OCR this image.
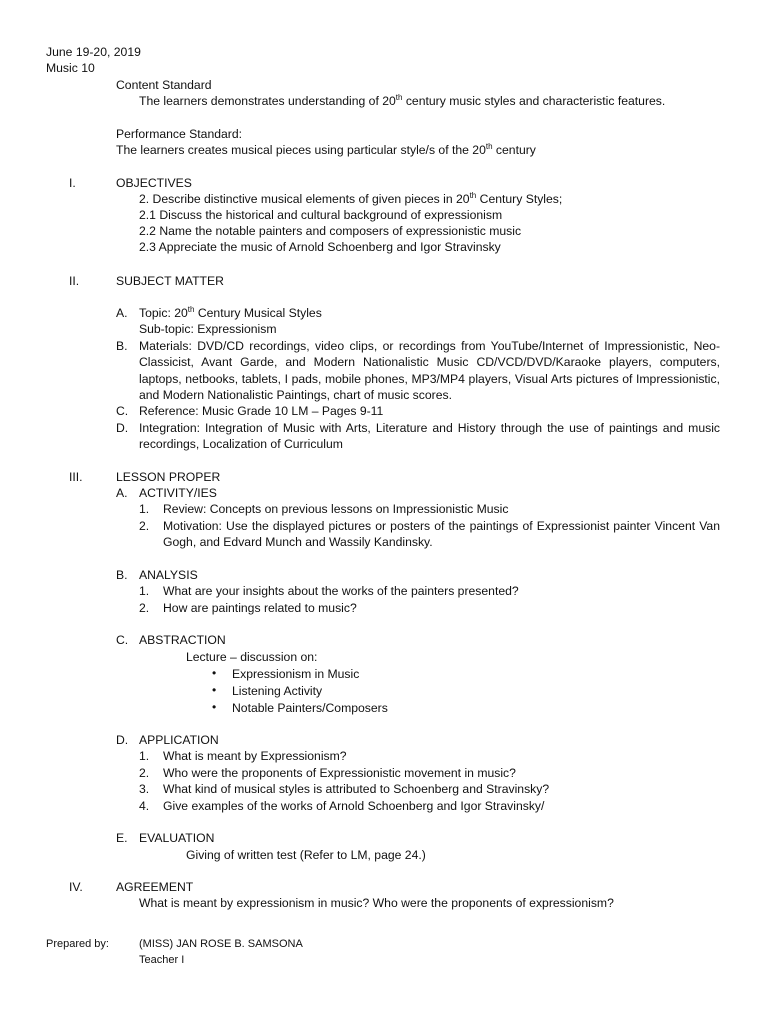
June 19-20, 2019
Music 10
Content Standard
The learners demonstrates understanding of 20th century music styles and characteristic features.
Performance Standard:
The learners creates musical pieces using particular style/s of the 20th century
I.	OBJECTIVES
2. Describe distinctive musical elements of given pieces in 20th Century Styles;
2.1 Discuss the historical and cultural background of expressionism
2.2 Name the notable painters and composers of expressionistic music
2.3 Appreciate the music of Arnold Schoenberg and Igor Stravinsky
II.	SUBJECT MATTER
A. Topic: 20th Century Musical Styles
Sub-topic: Expressionism
B. Materials: DVD/CD recordings, video clips, or recordings from YouTube/Internet of Impressionistic, Neo-Classicist, Avant Garde, and Modern Nationalistic Music CD/VCD/DVD/Karaoke players, computers, laptops, netbooks, tablets, I pads, mobile phones, MP3/MP4 players, Visual Arts pictures of Impressionistic, and Modern Nationalistic Paintings, chart of music scores.
C. Reference: Music Grade 10 LM – Pages 9-11
D. Integration: Integration of Music with Arts, Literature and History through the use of paintings and music recordings, Localization of Curriculum
III.	LESSON PROPER
A. ACTIVITY/IES
1. Review: Concepts on previous lessons on Impressionistic Music
2. Motivation: Use the displayed pictures or posters of the paintings of Expressionist painter Vincent Van Gogh, and Edvard Munch and Wassily Kandinsky.
B. ANALYSIS
1. What are your insights about the works of the painters presented?
2. How are paintings related to music?
C. ABSTRACTION
Lecture – discussion on:
• Expressionism in Music
• Listening Activity
• Notable Painters/Composers
D. APPLICATION
1. What is meant by Expressionism?
2. Who were the proponents of Expressionistic movement in music?
3. What kind of musical styles is attributed to Schoenberg and Stravinsky?
4. Give examples of the works of Arnold Schoenberg and Igor Stravinsky/
E. EVALUATION
Giving of written test (Refer to LM, page 24.)
IV.	AGREEMENT
What is meant by expressionism in music? Who were the proponents of expressionism?
Prepared by:	(MISS) JAN ROSE B. SAMSONA
Teacher I
